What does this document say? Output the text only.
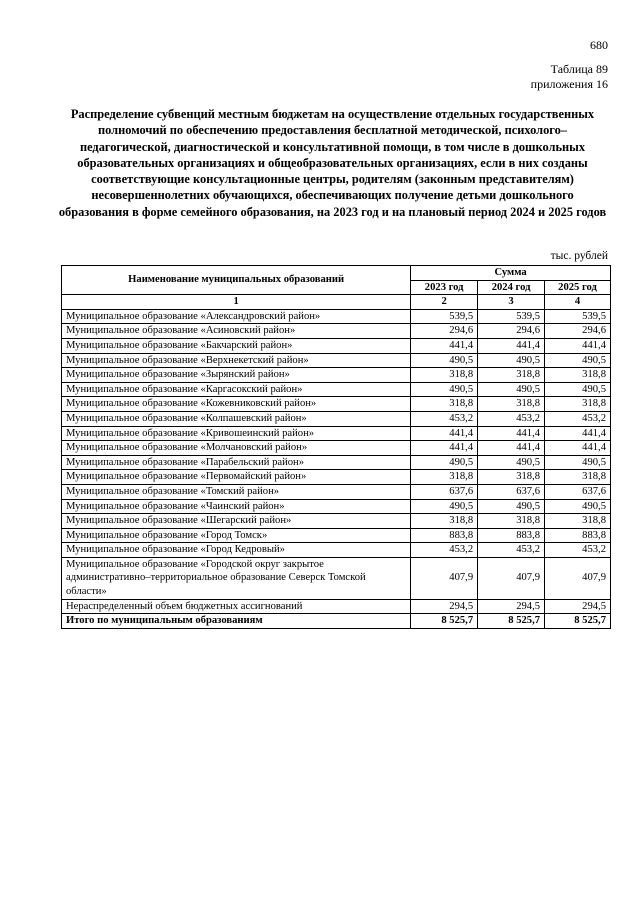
680
Таблица 89
приложения 16
Распределение субвенций местным бюджетам на осуществление отдельных государственных полномочий по обеспечению предоставления бесплатной методической, психолого–педагогической, диагностической и консультативной помощи, в том числе в дошкольных образовательных организациях и общеобразовательных организациях, если в них созданы соответствующие консультационные центры, родителям (законным представителям) несовершеннолетних обучающихся, обеспечивающих получение детьми дошкольного образования в форме семейного образования, на 2023 год и на плановый период 2024 и 2025 годов
тыс. рублей
Наименование муниципальных образований	Сумма		
	2023 год	2024 год	2025 год
1	2	3	4
Муниципальное образование «Александровский район»	539,5	539,5	539,5
Муниципальное образование «Асиновский район»	294,6	294,6	294,6
Муниципальное образование «Бакчарский район»	441,4	441,4	441,4
Муниципальное образование «Верхнекетский район»	490,5	490,5	490,5
Муниципальное образование «Зырянский район»	318,8	318,8	318,8
Муниципальное образование «Каргасокский район»	490,5	490,5	490,5
Муниципальное образование «Кожевниковский район»	318,8	318,8	318,8
Муниципальное образование «Колпашевский район»	453,2	453,2	453,2
Муниципальное образование «Кривошеинский район»	441,4	441,4	441,4
Муниципальное образование «Молчановский район»	441,4	441,4	441,4
Муниципальное образование «Парабельский район»	490,5	490,5	490,5
Муниципальное образование «Первомайский район»	318,8	318,8	318,8
Муниципальное образование «Томский район»	637,6	637,6	637,6
Муниципальное образование «Чаинский район»	490,5	490,5	490,5
Муниципальное образование «Шегарский район»	318,8	318,8	318,8
Муниципальное образование «Город Томск»	883,8	883,8	883,8
Муниципальное образование «Город Кедровый»	453,2	453,2	453,2
Муниципальное образование «Городской округ закрытое административно–территориальное образование Северск Томской области»	407,9	407,9	407,9
Нераспределенный объем бюджетных ассигнований	294,5	294,5	294,5
Итого по муниципальным образованиям	8 525,7	8 525,7	8 525,7
